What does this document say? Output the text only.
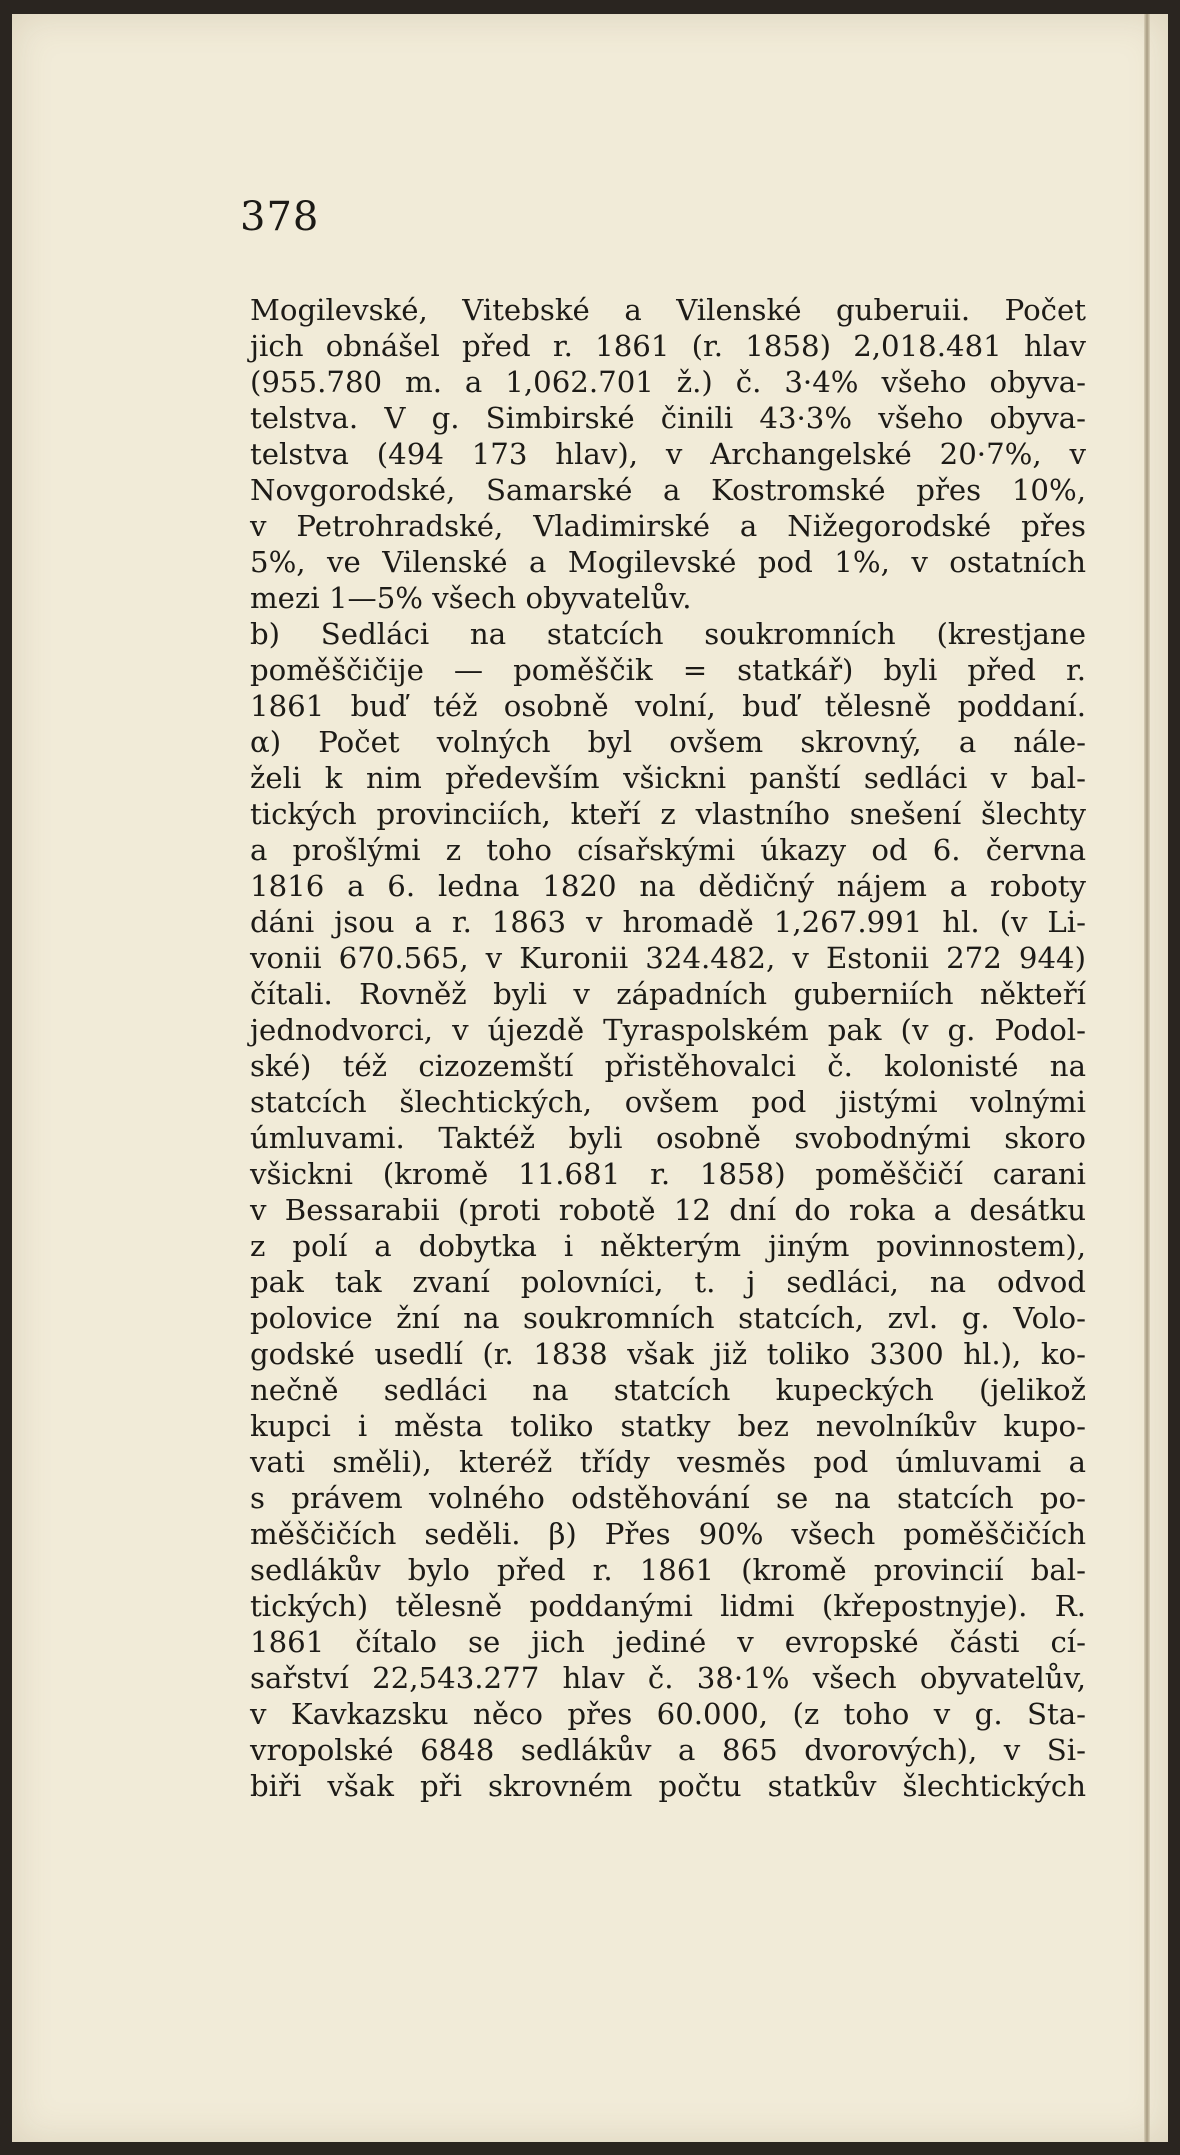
378
Mogilevské, Vitebské a Vilenské guberuii. Počet
jich obnášel před r. 1861 (r. 1858) 2,018.481 hlav
(955.780 m. a 1,062.701 ž.) č. 3·4% všeho obyva-
telstva. V g. Simbirské činili 43·3% všeho obyva-
telstva (494 173 hlav), v Archangelské 20·7%, v
Novgorodské, Samarské a Kostromské přes 10%,
v Petrohradské, Vladimirské a Nižegorodské přes
5%, ve Vilenské a Mogilevské pod 1%, v ostatních
mezi 1—5% všech obyvatelův.
b) Sedláci na statcích soukromních (krestjane
poměščičije — poměščik = statkář) byli před r.
1861 buď též osobně volní, buď tělesně poddaní.
α) Počet volných byl ovšem skrovný, a nále-
želi k nim především všickni panští sedláci v bal-
tických provinciích, kteří z vlastního snešení šlechty
a prošlými z toho císařskými úkazy od 6. června
1816 a 6. ledna 1820 na dědičný nájem a roboty
dáni jsou a r. 1863 v hromadě 1,267.991 hl. (v Li-
vonii 670.565, v Kuronii 324.482, v Estonii 272 944)
čítali. Rovněž byli v západních guberniích někteří
jednodvorci, v újezdě Tyraspolském pak (v g. Podol-
ské) též cizozemští přistěhovalci č. kolonisté na
statcích šlechtických, ovšem pod jistými volnými
úmluvami. Taktéž byli osobně svobodnými skoro
všickni (kromě 11.681 r. 1858) poměščičí carani
v Bessarabii (proti robotě 12 dní do roka a desátku
z polí a dobytka i některým jiným povinnostem),
pak tak zvaní polovníci, t. j sedláci, na odvod
polovice žní na soukromních statcích, zvl. g. Volo-
godské usedlí (r. 1838 však již toliko 3300 hl.), ko-
nečně sedláci na statcích kupeckých (jelikož
kupci i města toliko statky bez nevolníkův kupo-
vati směli), kteréž třídy vesměs pod úmluvami a
s právem volného odstěhování se na statcích po-
měščičích seděli. β) Přes 90% všech poměščičích
sedlákův bylo před r. 1861 (kromě provincií bal-
tických) tělesně poddanými lidmi (křepostnyje). R.
1861 čítalo se jich jediné v evropské části cí-
sařství 22,543.277 hlav č. 38·1% všech obyvatelův,
v Kavkazsku něco přes 60.000, (z toho v g. Sta-
vropolské 6848 sedlákův a 865 dvorových), v Si-
biři však při skrovném počtu statkův šlechtických
